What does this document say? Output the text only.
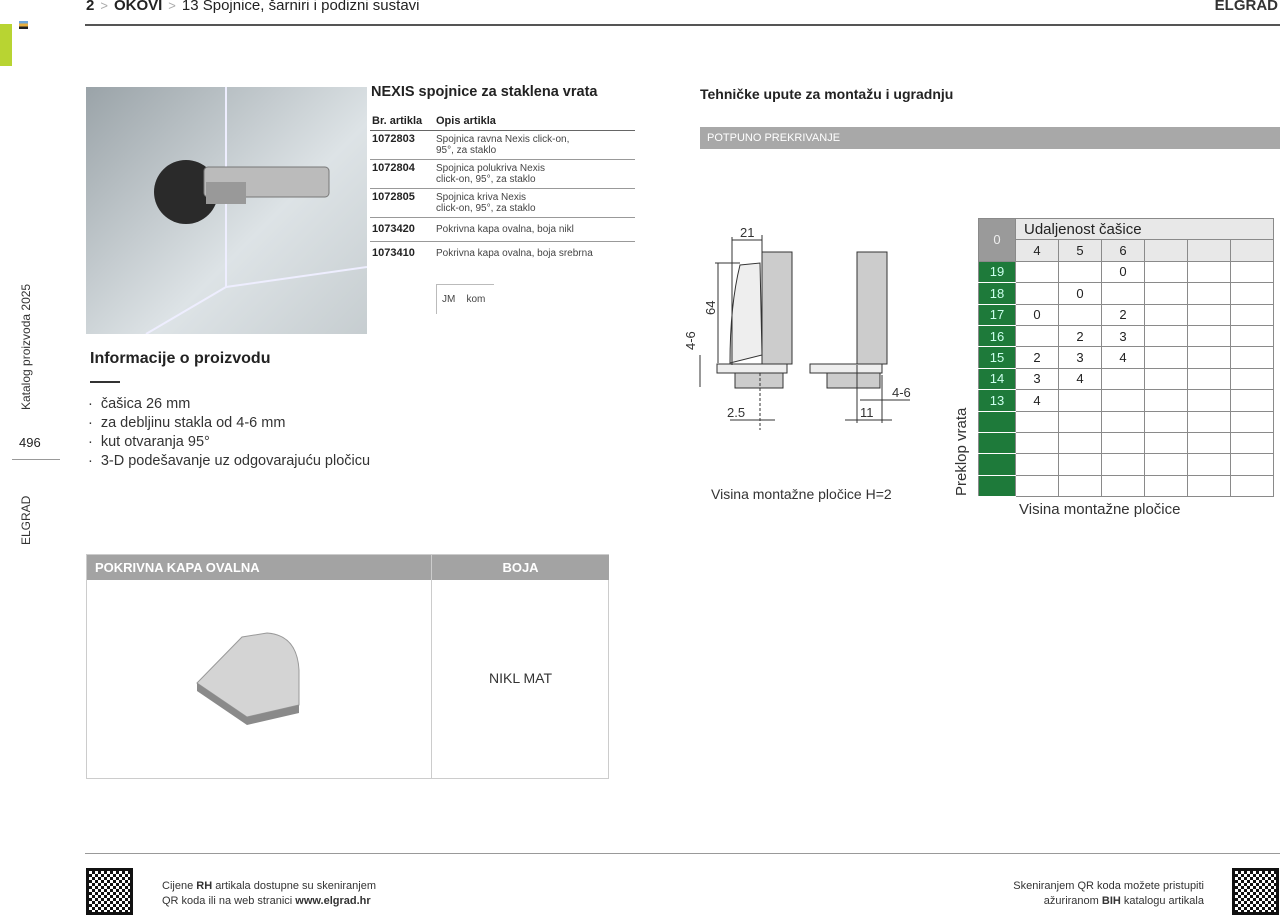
Katalog proizvoda 2025
496
ELGRAD
2 > OKOVI > 13 Spojnice, šarniri i podizni sustavi	ELGRAD
NEXIS spojnice za staklena vrata
Br. artikla	Opis artikla
1072803	Spojnica ravna Nexis click-on,
95°, za staklo

1072804	Spojnica polukriva Nexis
click-on, 95°, za staklo

1072805	Spojnica kriva Nexis
click-on, 95°, za staklo

1073420	Pokrivna kapa ovalna, boja nikl
1073410	Pokrivna kapa ovalna, boja srebrna
JM kom
Informacije o proizvodu
· čašica 26 mm
· za debljinu stakla od 4-6 mm
· kut otvaranja 95°
· 3-D podešavanje uz odgovarajuću pločicu
POKRIVNA KAPA OVALNA	BOJA
NIKL MAT
Tehničke upute za montažu i ugradnju
POTPUNO PREKRIVANJE
21
64
4-6
2.5	11
4-6
Visina montažne pločice H=2
0	Udaljenost čašice					
	4	5	6			
19			0			
18		0				
17	0		2			
16		2	3			
15	2	3	4			
14	3	4				
13	4					

Preklop vrata
Visina montažne pločice
Cijene RH artikala dostupne su skeniranjem
QR koda ili na web stranici www.elgrad.hr
Skeniranjem QR koda možete pristupiti
ažuriranom BIH katalogu artikala
